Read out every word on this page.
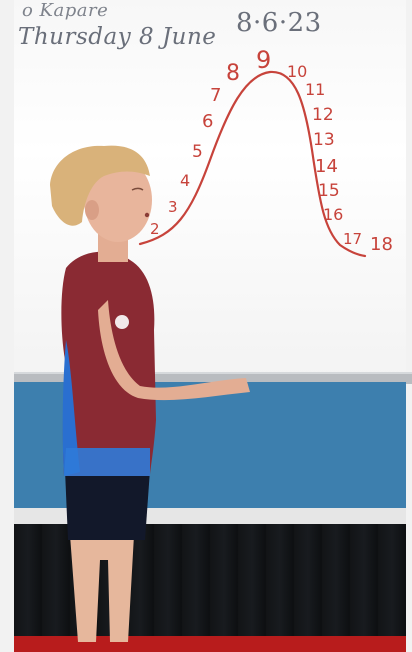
o Kapare
Thursday 8 June 8·6·23
2
3
4
5
6
7
8 9 10
11
12
13
14
15
16
17 18
